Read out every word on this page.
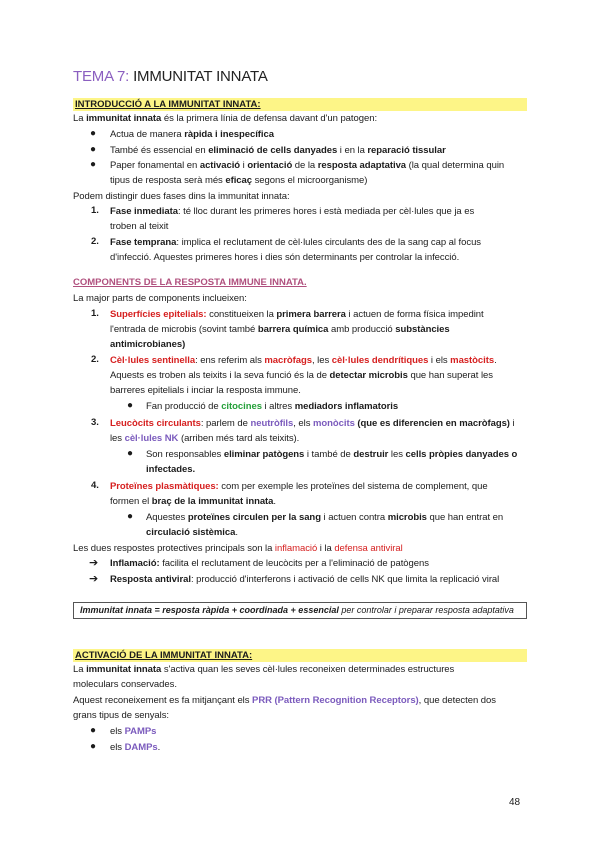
TEMA 7: IMMUNITAT INNATA
INTRODUCCIÓ A LA IMMUNITAT INNATA:
La immunitat innata és la primera línia de defensa davant d'un patogen:
● Actua de manera ràpida i inespecífica
● També és essencial en eliminació de cells danyades i en la reparació tissular
● Paper fonamental en activació i orientació de la resposta adaptativa (la qual determina quin
tipus de resposta serà més eficaç segons el microorganisme)
Podem distingir dues fases dins la immunitat innata:
1. Fase inmediata: té lloc durant les primeres hores i està mediada per cèl·lules que ja es
troben al teixit
2. Fase temprana: implica el reclutament de cèl·lules circulants des de la sang cap al focus
d'infecció. Aquestes primeres hores i dies són determinants per controlar la infecció.
COMPONENTS DE LA RESPOSTA IMMUNE INNATA.
La major parts de components inclueixen:
1. Superfícies epitelials: constitueixen la primera barrera i actuen de forma física impedint
l'entrada de microbis (sovint també barrera química amb producció substàncies
antimicrobianes)
2. Cèl·lules sentinella: ens referim als macròfags, les cèl·lules dendrítiques i els mastòcits.
Aquests es troben als teixits i la seva funció és la de detectar microbis que han superat les
barreres epitelials i inciar la resposta immune.
● Fan producció de citocines i altres mediadors inflamatoris
3. Leucòcits circulants: parlem de neutròfils, els monòcits (que es diferencien en macròfags) i
les cèl·lules NK (arriben més tard als teixits).
● Son responsables eliminar patògens i també de destruir les cells pròpies danyades o
infectades.
4. Proteïnes plasmàtiques: com per exemple les proteïnes del sistema de complement, que
formen el braç de la immunitat innata.
● Aquestes proteïnes circulen per la sang i actuen contra microbis que han entrat en
circulació sistèmica.
Les dues respostes protectives principals son la inflamació i la defensa antiviral
➔ Inflamació: facilita el reclutament de leucòcits per a l'eliminació de patògens
➔ Resposta antiviral: producció d'interferons i activació de cells NK que limita la replicació viral
Immunitat innata = resposta ràpida + coordinada + essencial per controlar i preparar resposta adaptativa
ACTIVACIÓ DE LA IMMUNITAT INNATA:
La immunitat innata s'activa quan les seves cèl·lules reconeixen determinades estructures
moleculars conservades.
Aquest reconeixement es fa mitjançant els PRR (Pattern Recognition Receptors), que detecten dos
grans tipus de senyals:
● els PAMPs
● els DAMPs.
48
